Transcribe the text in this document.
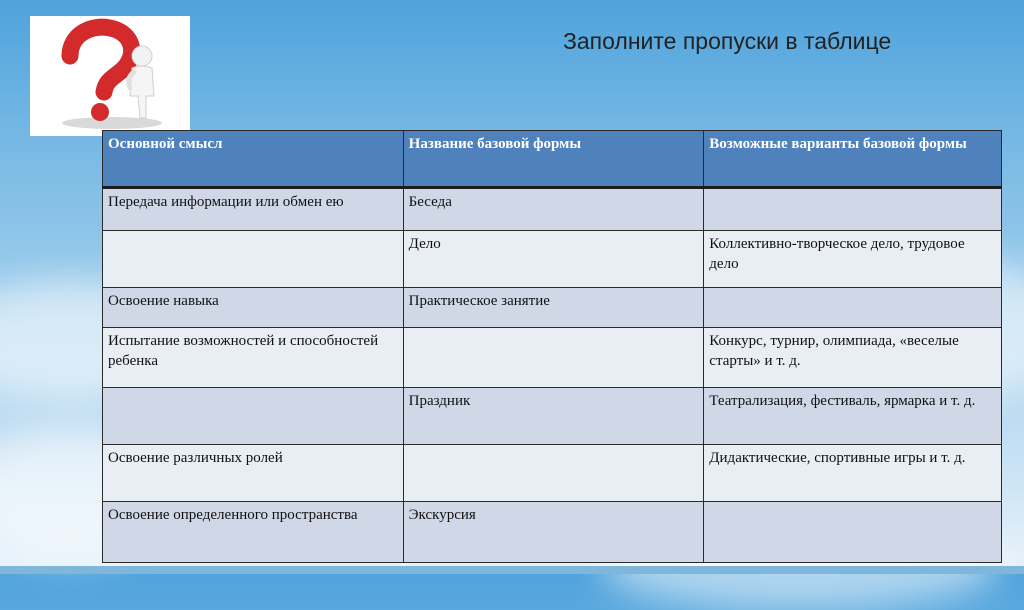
Заполните пропуски в таблице
Основной смысл	Название базовой формы	Возможные варианты базовой формы
Передача информации или обмен ею	Беседа	
	Дело	Коллективно-творческое дело, трудовое дело
Освоение навыка	Практическое занятие	
Испытание возможностей и способностей ребенка		Конкурс, турнир, олимпиада, «веселые старты» и т. д.
	Праздник	Театрализация, фестиваль, ярмарка и т. д.
Освоение различных ролей		Дидактические, спортивные игры и т. д.
Освоение определенного пространства	Экскурсия	
